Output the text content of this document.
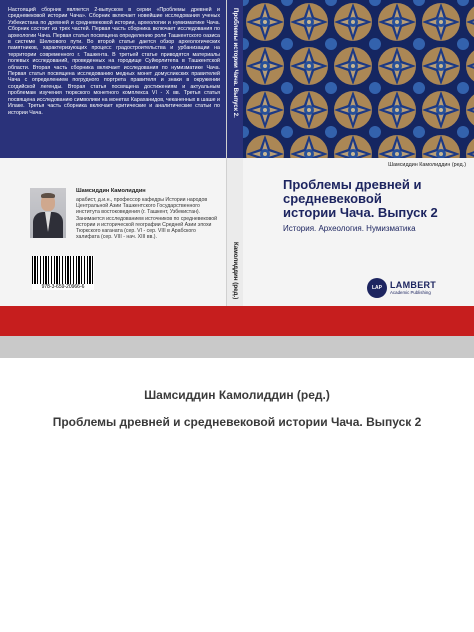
Настоящий сборник является 2-выпуском в серии «Проблемы древней и средневековой истории Чача». Сборник включает новейшие исследования ученых Узбекистана по древней и средневековой истории, археологии и нумизматике Чача. Сборник состоит из трех частей. Первая часть сборника включает исследования по археологии Чача. Первая статья посвящена определению роли Ташкентского оазиса в системе Шелкового пути. Во второй статье дается обзор археологических памятников, характеризующих процесс градостроительства и урбанизации на территории современного г. Ташкента. В третьей статье приводятся материалы полевых исследований, проведенных на городище Суйюрлитепа в Ташкентской области. Вторая часть сборника включает исследования по нумизматике Чача. Первая статья посвящена исследованию медных монет домусликских правителей Чача с определением погрудного портрета правителя и знаки в окружении согдийской легенды. Вторая статья посвящена достижениям и актуальным проблемам изучения тюркского монетного комплекса VI - X вв. Третья статья посвящена исследованию символики на монетах Караханидов, чеканенных в шаше и Илаке. Третья часть сборника включает критические и аналитические статьи по истории Чача.

Шамсиддин Камолиддин

арабист, д.и.н., профессор кафедры Истории народов Центральной Азии Ташкентского Государственного института востоковедения (г. Ташкент, Узбекистан). Занимается исследованием источников по средневековой истории и исторической географии Средней Азии эпохи Тюркского каганата (сер. VI - сер. VIII в Арабского халифата (сер. VIII - нач. XIII вв.).

978-3-659-20966-6
Проблемы истории Чача. Выпуск 2.
Камолиддин (ред.)
Шамсиддин Камолиддин (ред.)
Проблемы древней и
средневековой
истории Чача. Выпуск 2
История. Археология. Нумизматика
LAP LAMBERT
Academic Publishing
Шамсиддин Камолиддин (ред.)
Проблемы древней и средневековой истории Чача. Выпуск 2
